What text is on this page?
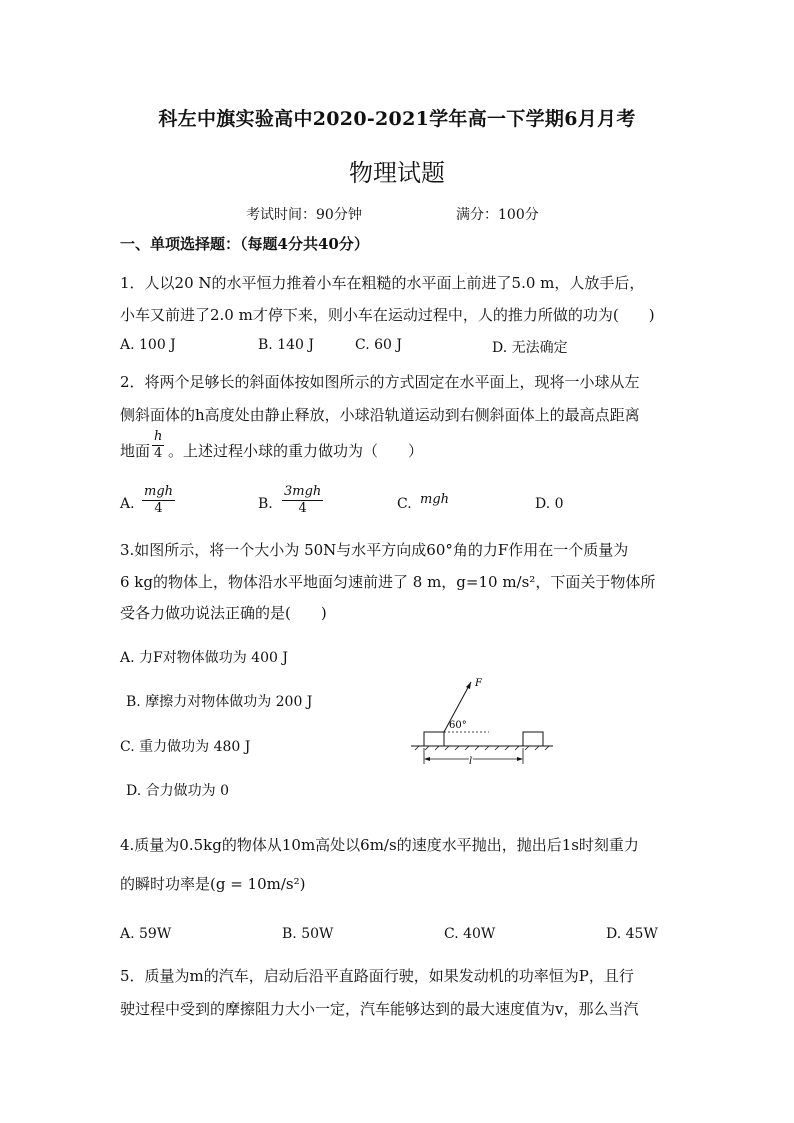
科左中旗实验高中2020-2021学年高一下学期6月月考
物理试题
考试时间：90分钟	满分：100分
一、单项选择题：（每题4分共40分）
1．人以20 N的水平恒力推着小车在粗糙的水平面上前进了5.0 m，人放手后，
小车又前进了2.0 m才停下来，则小车在运动过程中，人的推力所做的功为(　　)
A. 100 J	B. 140 J	C. 60 J	D. 无法确定
2．将两个足够长的斜面体按如图所示的方式固定在水平面上，现将一小球从左
侧斜面体的h高度处由静止释放，小球沿轨道运动到右侧斜面体上的最高点距离
地面 $\frac{h}{4}$ 。上述过程小球的重力做功为（　　）
A.
mgh
4	B.
3mgh
4	C. mgh	D. 0
3.如图所示，将一个大小为 50N与水平方向成60°角的力F作用在一个质量为
6 kg的物体上，物体沿水平地面匀速前进了 8 m，g=10 m/s²，下面关于物体所
受各力做功说法正确的是(　　)
A. 力F对物体做功为 400 J
B. 摩擦力对物体做功为 200 J
C. 重力做功为 480 J
D. 合力做功为 0
F
60°
l
4.质量为0.5kg的物体从10m高处以6m/s的速度水平抛出，抛出后1s时刻重力
的瞬时功率是(g = 10m/s²)
A. 59W	B. 50W	C. 40W	D. 45W
5．质量为m的汽车，启动后沿平直路面行驶，如果发动机的功率恒为P，且行
驶过程中受到的摩擦阻力大小一定，汽车能够达到的最大速度值为v，那么当汽
